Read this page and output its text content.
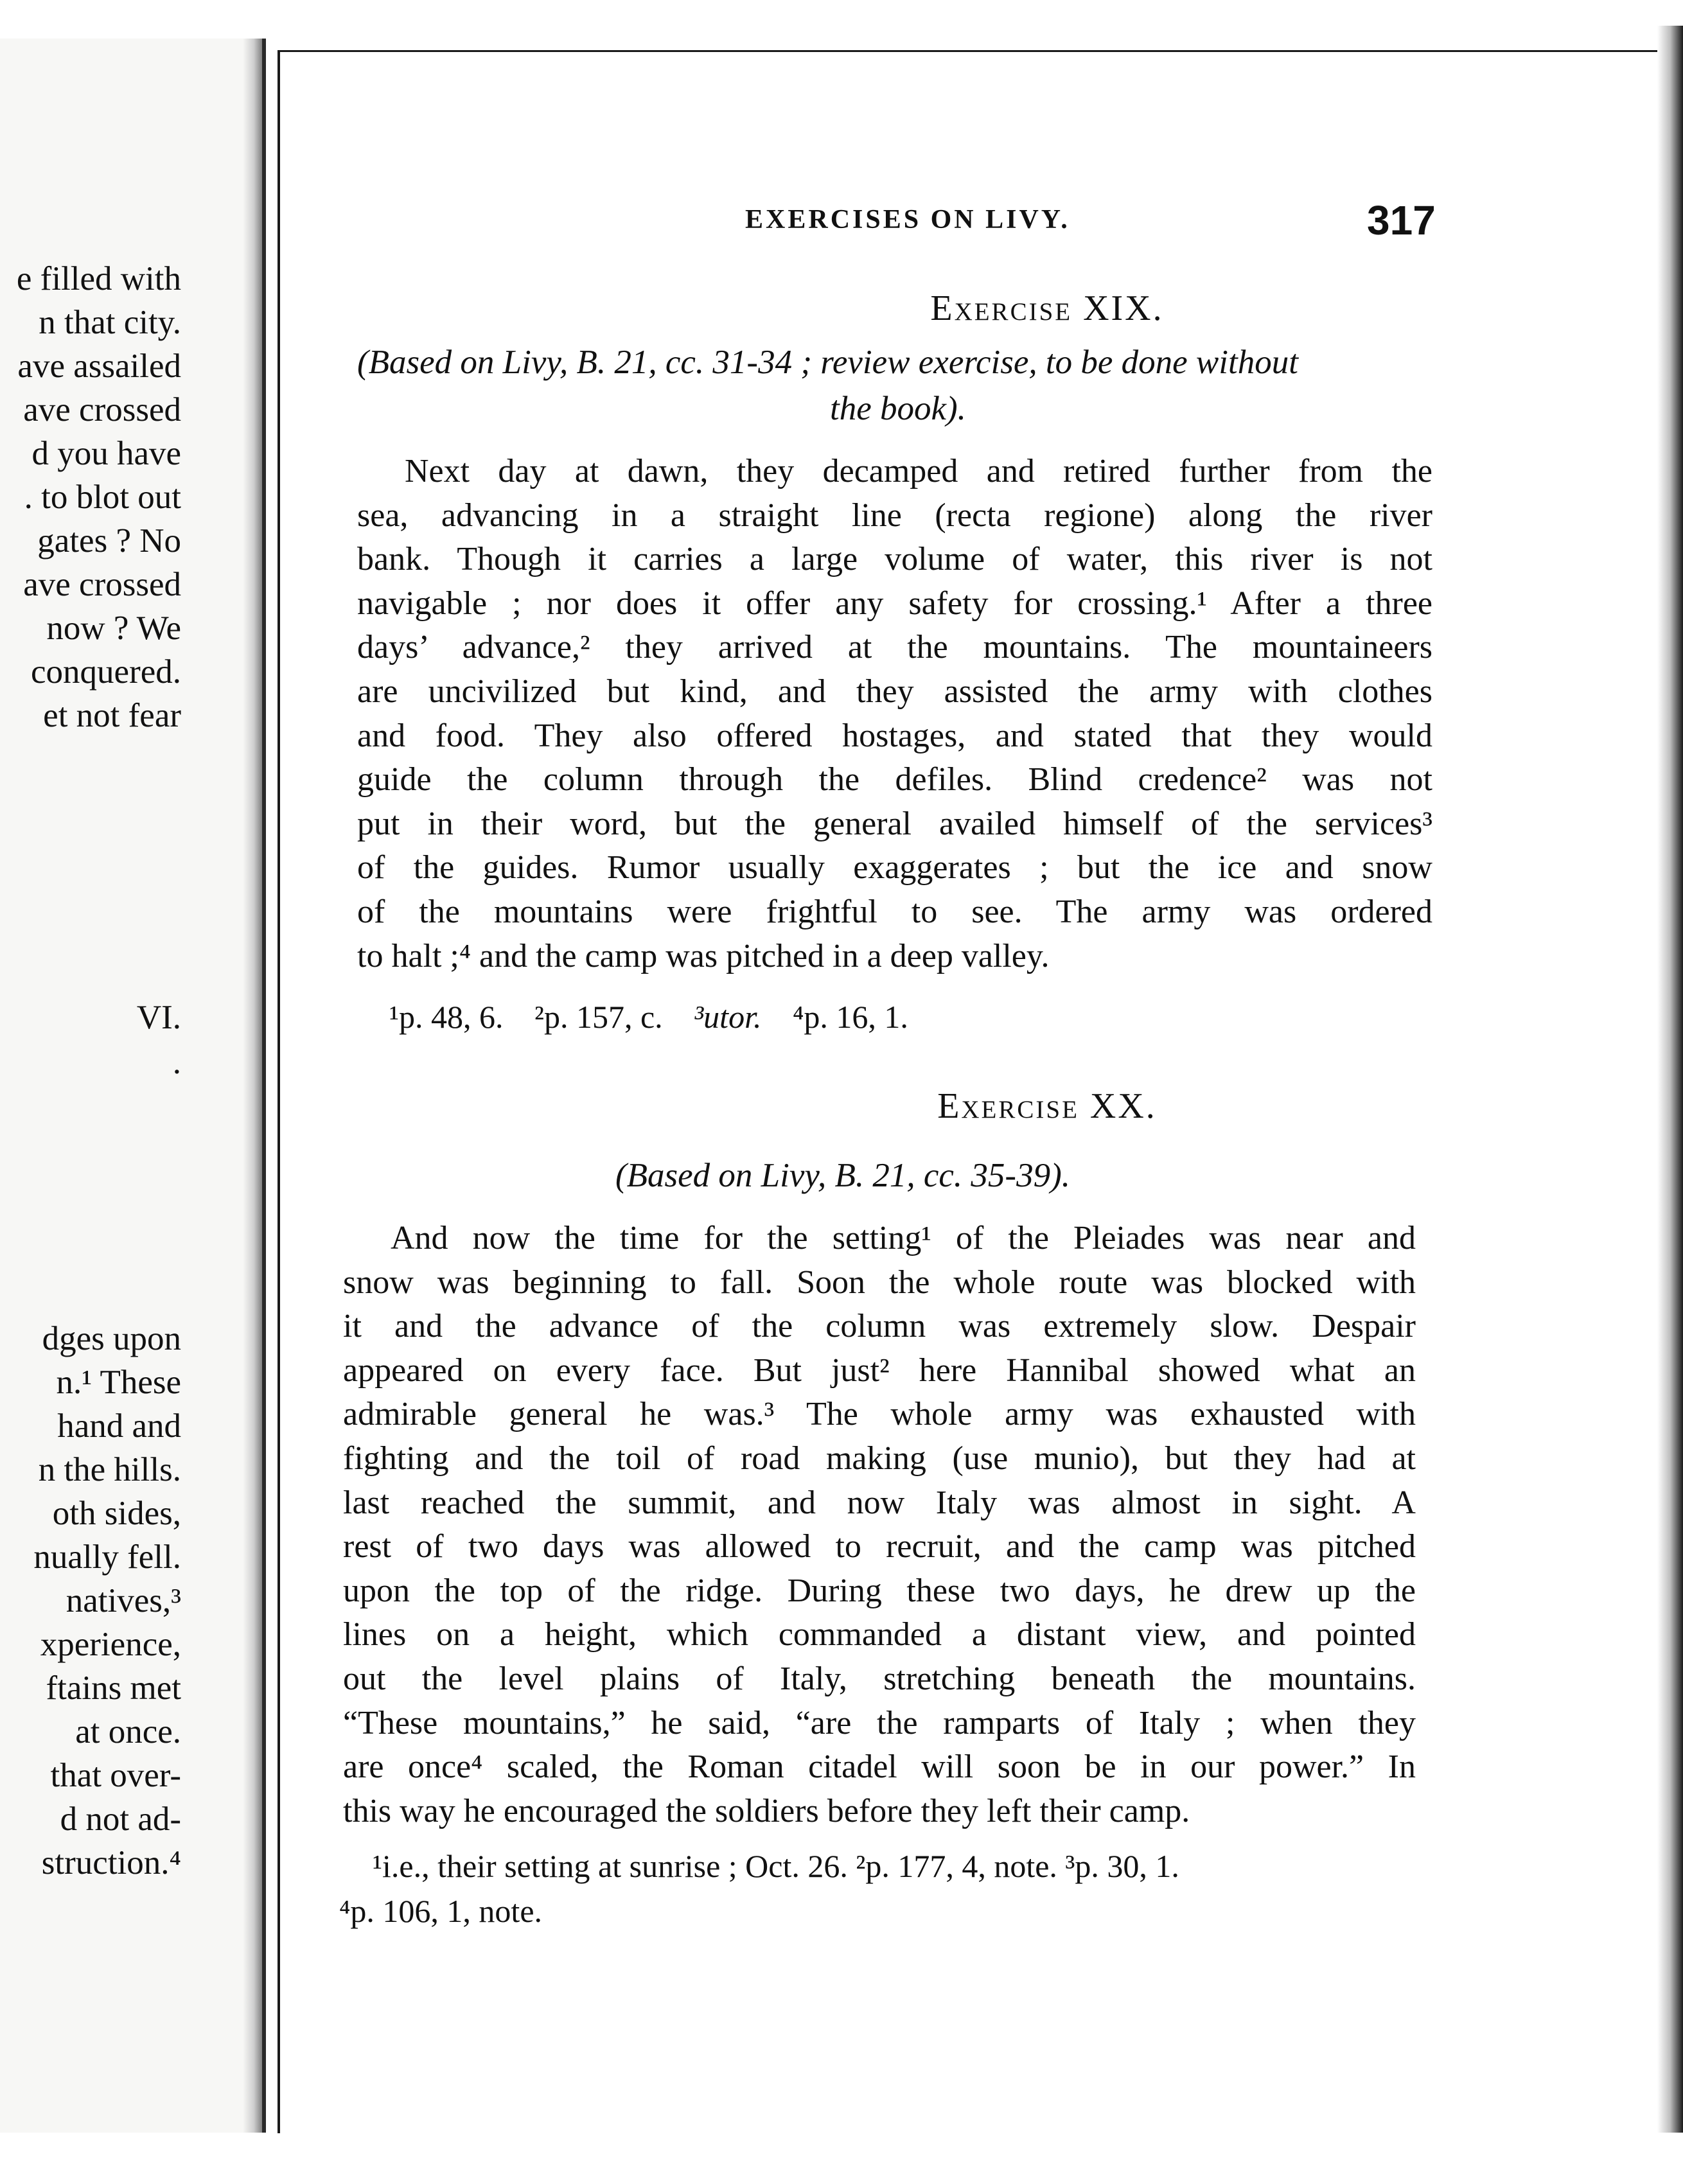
e filled with
n that city.
ave assailed
ave crossed
d you have
. to blot out
gates ? No
ave crossed
now ? We
conquered.
et not fear
VI.
.
dges upon
n.¹ These
hand and
n the hills.
oth sides,
nually fell.
natives,³
xperience,
ftains met
at once.
that over-
d not ad-
struction.⁴
EXERCISES ON LIVY.	317
Exercise XIX.
(Based on Livy, B. 21, cc. 31-34 ; review exercise, to be done without
the book).
Next day at dawn, they decamped and retired further from the
sea, advancing in a straight line (recta regione) along the river
bank. Though it carries a large volume of water, this river is not
navigable ; nor does it offer any safety for crossing.¹ After a three
days’ advance,² they arrived at the mountains. The mountaineers
are uncivilized but kind, and they assisted the army with clothes
and food. They also offered hostages, and stated that they would
guide the column through the defiles. Blind credence² was not
put in their word, but the general availed himself of the services³
of the guides. Rumor usually exaggerates ; but the ice and snow
of the mountains were frightful to see. The army was ordered
to halt ;⁴ and the camp was pitched in a deep valley.
¹p. 48, 6. ²p. 157, c. ³utor. ⁴p. 16, 1.
Exercise XX.
(Based on Livy, B. 21, cc. 35-39).
And now the time for the setting¹ of the Pleiades was near and
snow was beginning to fall. Soon the whole route was blocked with
it and the advance of the column was extremely slow. Despair
appeared on every face. But just² here Hannibal showed what an
admirable general he was.³ The whole army was exhausted with
fighting and the toil of road making (use munio), but they had at
last reached the summit, and now Italy was almost in sight. A
rest of two days was allowed to recruit, and the camp was pitched
upon the top of the ridge. During these two days, he drew up the
lines on a height, which commanded a distant view, and pointed
out the level plains of Italy, stretching beneath the mountains.
“These mountains,” he said, “are the ramparts of Italy ; when they
are once⁴ scaled, the Roman citadel will soon be in our power.” In
this way he encouraged the soldiers before they left their camp.
¹i.e., their setting at sunrise ; Oct. 26. ²p. 177, 4, note. ³p. 30, 1.
⁴p. 106, 1, note.
